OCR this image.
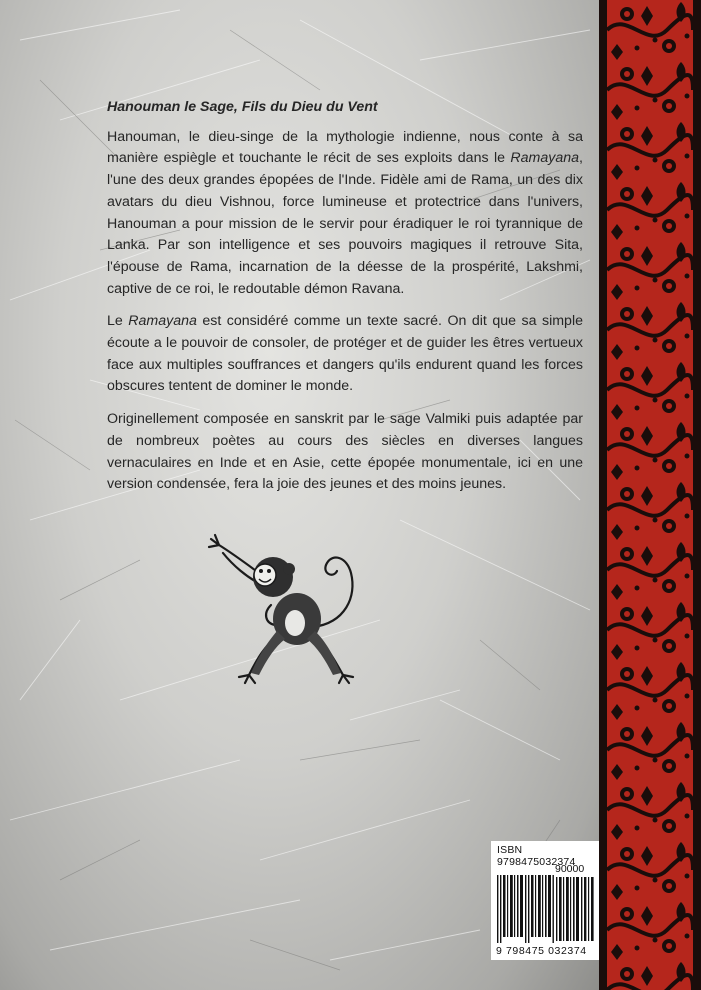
Hanouman le Sage, Fils du Dieu du Vent

Hanouman, le dieu-singe de la mythologie indienne, nous conte à sa manière espiègle et touchante le récit de ses exploits dans le Ramayana, l'une des deux grandes épopées de l'Inde. Fidèle ami de Rama, un des dix avatars du dieu Vishnou, force lumineuse et protectrice dans l'univers, Hanouman a pour mission de le servir pour éradiquer le roi tyrannique de Lanka. Par son intelligence et ses pouvoirs magiques il retrouve Sita, l'épouse de Rama, incarnation de la déesse de la prospérité, Lakshmi, captive de ce roi, le redoutable démon Ravana.

Le Ramayana est considéré comme un texte sacré. On dit que sa simple écoute a le pouvoir de consoler, de protéger et de guider les êtres vertueux face aux multiples souffrances et dangers qu'ils endurent quand les forces obscures tentent de dominer le monde.

Originellement composée en sanskrit par le sage Valmiki puis adaptée par de nombreux poètes au cours des siècles en diverses langues vernaculaires en Inde et en Asie, cette épopée monumentale, ici en une version condensée, fera la joie des jeunes et des moins jeunes.

ISBN 9798475032374
90000
9 798475 032374
